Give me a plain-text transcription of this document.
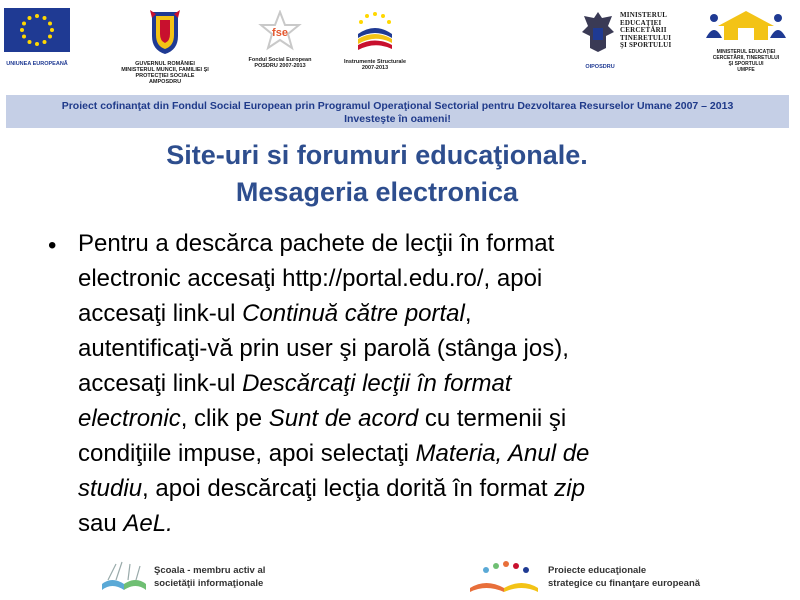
UNIUNEA EUROPEANĂ	GUVERNUL ROMÂNIEI
MINISTERUL MUNCII, FAMILIEI ŞI
PROTECŢIEI SOCIALE
AMPOSDRU
fse
Fondul Social European
POSDRU 2007-2013
Instrumente Structurale
2007-2013	OIPOSDRU
MINISTERUL
EDUCAŢIEI
CERCETĂRII
TINERETULUI
ŞI SPORTULUI
MINISTERUL EDUCAŢIEI
CERCETĂRII, TINERETULUI
ŞI SPORTULUI
UMPFE
Proiect cofinanţat din Fondul Social European prin Programul Operaţional Sectorial pentru Dezvoltarea Resurselor Umane 2007 – 2013
Investeşte în oameni!
Site-uri si forumuri educaţionale.
Mesageria electronica
• Pentru a descărca pachete de lecţii în format
electronic accesaţi http://portal.edu.ro/, apoi
accesaţi link-ul Continuă către portal,
autentificaţi-vă prin user şi parolă (stânga jos),
accesaţi link-ul Descărcaţi lecţii în format
electronic, clik pe Sunt de acord cu termenii şi
condiţiile impuse, apoi selectaţi Materia, Anul de
studiu, apoi descărcaţi lecţia dorită în format zip
sau AeL.
Şcoala - membru activ al
societăţii informaţionale
Proiecte educaţionale
strategice cu finanţare europeană
